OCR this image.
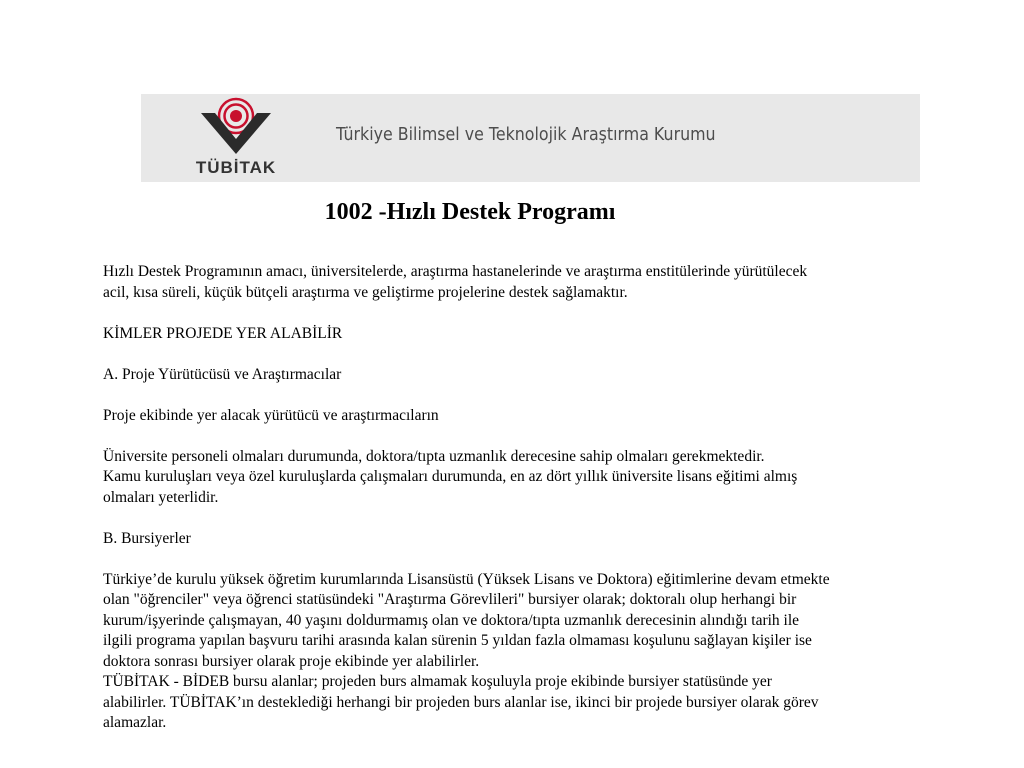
TÜBİTAK
Türkiye Bilimsel ve Teknolojik Araştırma Kurumu
1002 -Hızlı Destek Programı

Hızlı Destek Programının amacı, üniversitelerde, araştırma hastanelerinde ve araştırma enstitülerinde yürütülecek

acil, kısa süreli, küçük bütçeli araştırma ve geliştirme projelerine destek sağlamaktır.

KİMLER PROJEDE YER ALABİLİR

A. Proje Yürütücüsü ve Araştırmacılar

Proje ekibinde yer alacak yürütücü ve araştırmacıların

Üniversite personeli olmaları durumunda, doktora/tıpta uzmanlık derecesine sahip olmaları gerekmektedir.

Kamu kuruluşları veya özel kuruluşlarda çalışmaları durumunda, en az dört yıllık üniversite lisans eğitimi almış

olmaları yeterlidir.

B. Bursiyerler

Türkiye’de kurulu yüksek öğretim kurumlarında Lisansüstü (Yüksek Lisans ve Doktora) eğitimlerine devam etmekte

olan "öğrenciler" veya öğrenci statüsündeki "Araştırma Görevlileri" bursiyer olarak; doktoralı olup herhangi bir

kurum/işyerinde çalışmayan, 40 yaşını doldurmamış olan ve doktora/tıpta uzmanlık derecesinin alındığı tarih ile

ilgili programa yapılan başvuru tarihi arasında kalan sürenin 5 yıldan fazla olmaması koşulunu sağlayan kişiler ise

doktora sonrası bursiyer olarak proje ekibinde yer alabilirler.

TÜBİTAK - BİDEB bursu alanlar; projeden burs almamak koşuluyla proje ekibinde bursiyer statüsünde yer

alabilirler. TÜBİTAK’ın desteklediği herhangi bir projeden burs alanlar ise, ikinci bir projede bursiyer olarak görev

alamazlar.
